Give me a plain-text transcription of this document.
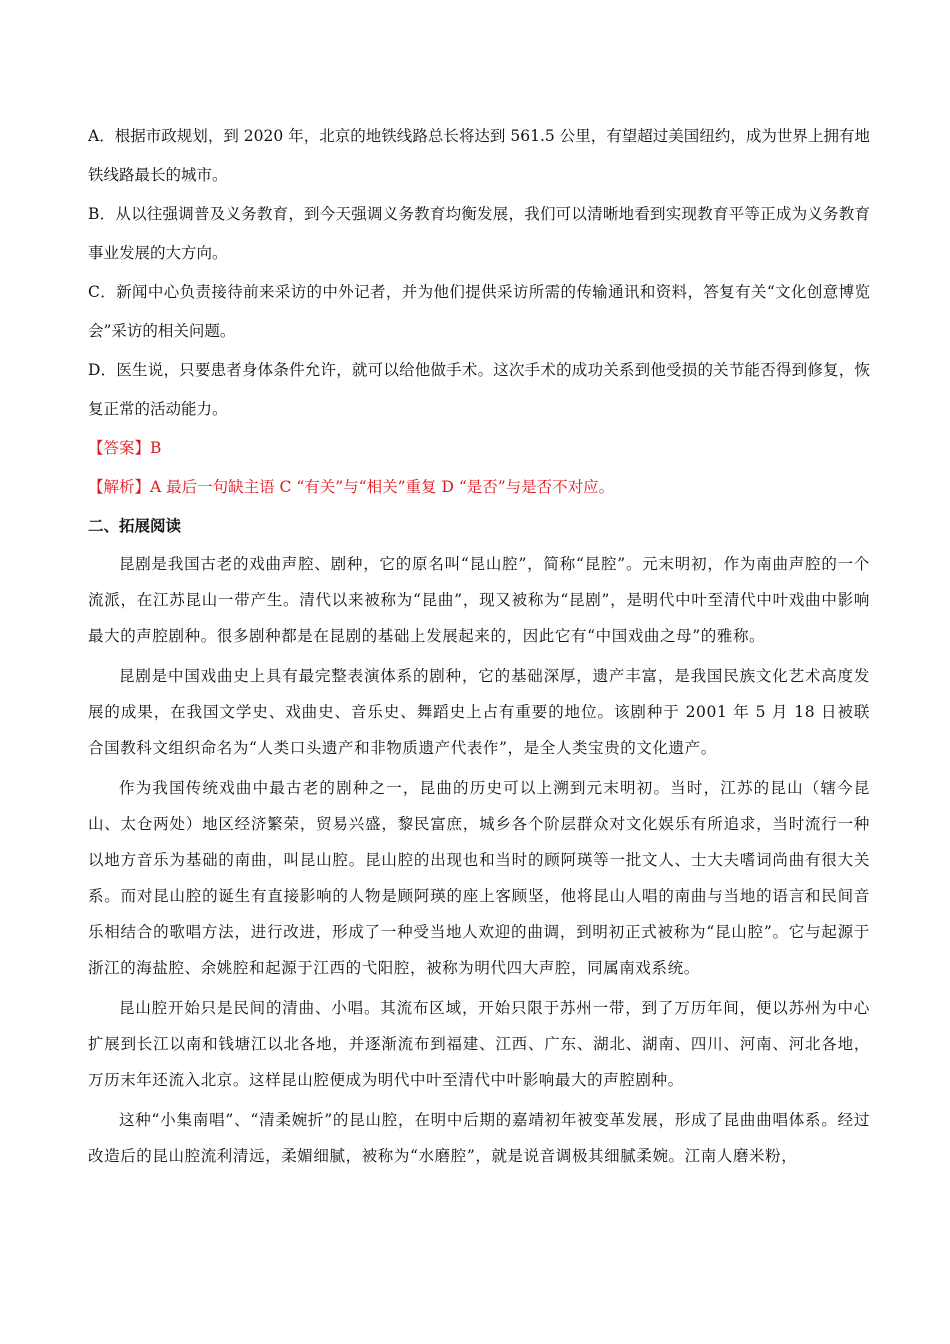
A．根据市政规划，到 2020 年，北京的地铁线路总长将达到 561.5 公里，有望超过美国纽约，成为世界上拥有地铁线路最长的城市。

B．从以往强调普及义务教育，到今天强调义务教育均衡发展，我们可以清晰地看到实现教育平等正成为义务教育事业发展的大方向。

C．新闻中心负责接待前来采访的中外记者，并为他们提供采访所需的传输通讯和资料，答复有关“文化创意博览会”采访的相关问题。

D．医生说，只要患者身体条件允许，就可以给他做手术。这次手术的成功关系到他受损的关节能否得到修复，恢复正常的活动能力。

【答案】B

【解析】A 最后一句缺主语 C “有关”与“相关”重复 D “是否”与是否不对应。

二、拓展阅读

昆剧是我国古老的戏曲声腔、剧种，它的原名叫“昆山腔”，简称“昆腔”。元末明初，作为南曲声腔的一个流派，在江苏昆山一带产生。清代以来被称为“昆曲”，现又被称为“昆剧”，是明代中叶至清代中叶戏曲中影响最大的声腔剧种。很多剧种都是在昆剧的基础上发展起来的，因此它有“中国戏曲之母”的雅称。

昆剧是中国戏曲史上具有最完整表演体系的剧种，它的基础深厚，遗产丰富，是我国民族文化艺术高度发展的成果，在我国文学史、戏曲史、音乐史、舞蹈史上占有重要的地位。该剧种于 2001 年 5 月 18 日被联合国教科文组织命名为“人类口头遗产和非物质遗产代表作”，是全人类宝贵的文化遗产。

作为我国传统戏曲中最古老的剧种之一，昆曲的历史可以上溯到元末明初。当时，江苏的昆山（辖今昆山、太仓两处）地区经济繁荣，贸易兴盛，黎民富庶，城乡各个阶层群众对文化娱乐有所追求，当时流行一种以地方音乐为基础的南曲，叫昆山腔。昆山腔的出现也和当时的顾阿瑛等一批文人、士大夫嗜词尚曲有很大关系。而对昆山腔的诞生有直接影响的人物是顾阿瑛的座上客顾坚，他将昆山人唱的南曲与当地的语言和民间音乐相结合的歌唱方法，进行改进，形成了一种受当地人欢迎的曲调，到明初正式被称为“昆山腔”。它与起源于浙江的海盐腔、余姚腔和起源于江西的弋阳腔，被称为明代四大声腔，同属南戏系统。

昆山腔开始只是民间的清曲、小唱。其流布区域，开始只限于苏州一带，到了万历年间，便以苏州为中心扩展到长江以南和钱塘江以北各地，并逐渐流布到福建、江西、广东、湖北、湖南、四川、河南、河北各地，万历末年还流入北京。这样昆山腔便成为明代中叶至清代中叶影响最大的声腔剧种。

这种“小集南唱”、“清柔婉折”的昆山腔，在明中后期的嘉靖初年被变革发展，形成了昆曲曲唱体系。经过改造后的昆山腔流利清远，柔媚细腻，被称为“水磨腔”，就是说音调极其细腻柔婉。江南人磨米粉，
